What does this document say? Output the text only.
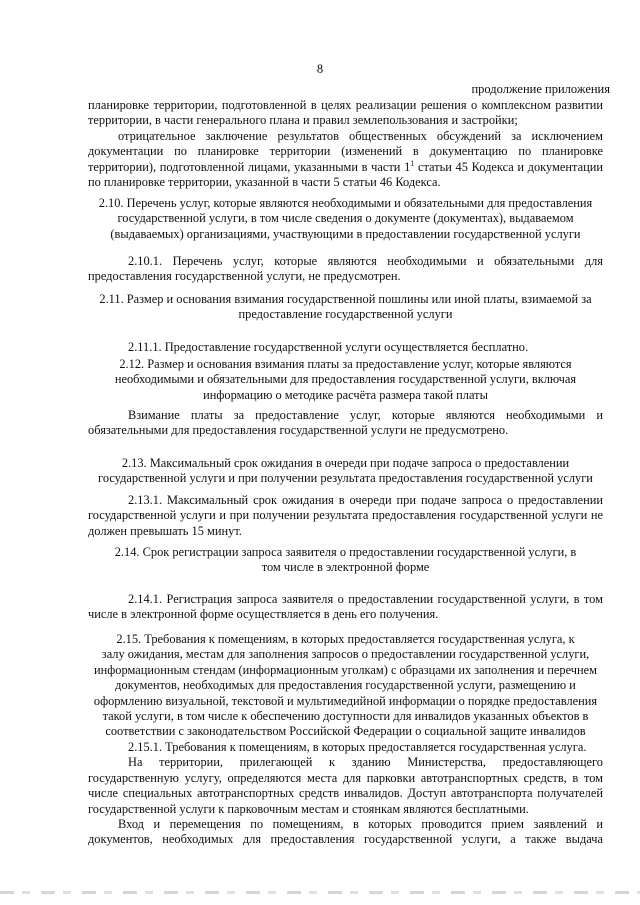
8
продолжение приложения
планировке территории, подготовленной в целях реализации решения о комплексном развитии
территории, в части генерального плана и правил землепользования и застройки;
отрицательное заключение результатов общественных обсуждений за исключением
документации по планировке территории (изменений в документацию по планировке
территории), подготовленной лицами, указанными в части $1^1$ статьи 45 Кодекса и документации
по планировке территории, указанной в части 5 статьи 46 Кодекса.
2.10. Перечень услуг, которые являются необходимыми и обязательными для предоставления
государственной услуги, в том числе сведения о документе (документах), выдаваемом
(выдаваемых) организациями, участвующими в предоставлении государственной услуги
2.10.1. Перечень услуг, которые являются необходимыми и обязательными для
предоставления государственной услуги, не предусмотрен.
2.11. Размер и основания взимания государственной пошлины или иной платы, взимаемой за
предоставление государственной услуги
2.11.1. Предоставление государственной услуги осуществляется бесплатно.
2.12. Размер и основания взимания платы за предоставление услуг, которые являются
необходимыми и обязательными для предоставления государственной услуги, включая
информацию о методике расчёта размера такой платы
Взимание платы за предоставление услуг, которые являются необходимыми и
обязательными для предоставления государственной услуги не предусмотрено.
2.13. Максимальный срок ожидания в очереди при подаче запроса о предоставлении
государственной услуги и при получении результата предоставления государственной услуги
2.13.1. Максимальный срок ожидания в очереди при подаче запроса о предоставлении
государственной услуги и при получении результата предоставления государственной услуги не
должен превышать 15 минут.
2.14. Срок регистрации запроса заявителя о предоставлении государственной услуги, в
том числе в электронной форме
2.14.1. Регистрация запроса заявителя о предоставлении государственной услуги, в том
числе в электронной форме осуществляется в день его получения.
2.15. Требования к помещениям, в которых предоставляется государственная услуга, к
залу ожидания, местам для заполнения запросов о предоставлении государственной услуги,
информационным стендам (информационным уголкам) с образцами их заполнения и перечнем
документов, необходимых для предоставления государственной услуги, размещению и
оформлению визуальной, текстовой и мультимедийной информации о порядке предоставления
такой услуги, в том числе к обеспечению доступности для инвалидов указанных объектов в
соответствии с законодательством Российской Федерации о социальной защите инвалидов
2.15.1. Требования к помещениям, в которых предоставляется государственная услуга.
На территории, прилегающей к зданию Министерства, предоставляющего
государственную услугу, определяются места для парковки автотранспортных средств, в том
числе специальных автотранспортных средств инвалидов. Доступ автотранспорта получателей
государственной услуги к парковочным местам и стоянкам являются бесплатными.
Вход и перемещения по помещениям, в которых проводится прием заявлений и
документов, необходимых для предоставления государственной услуги, а также выдача
